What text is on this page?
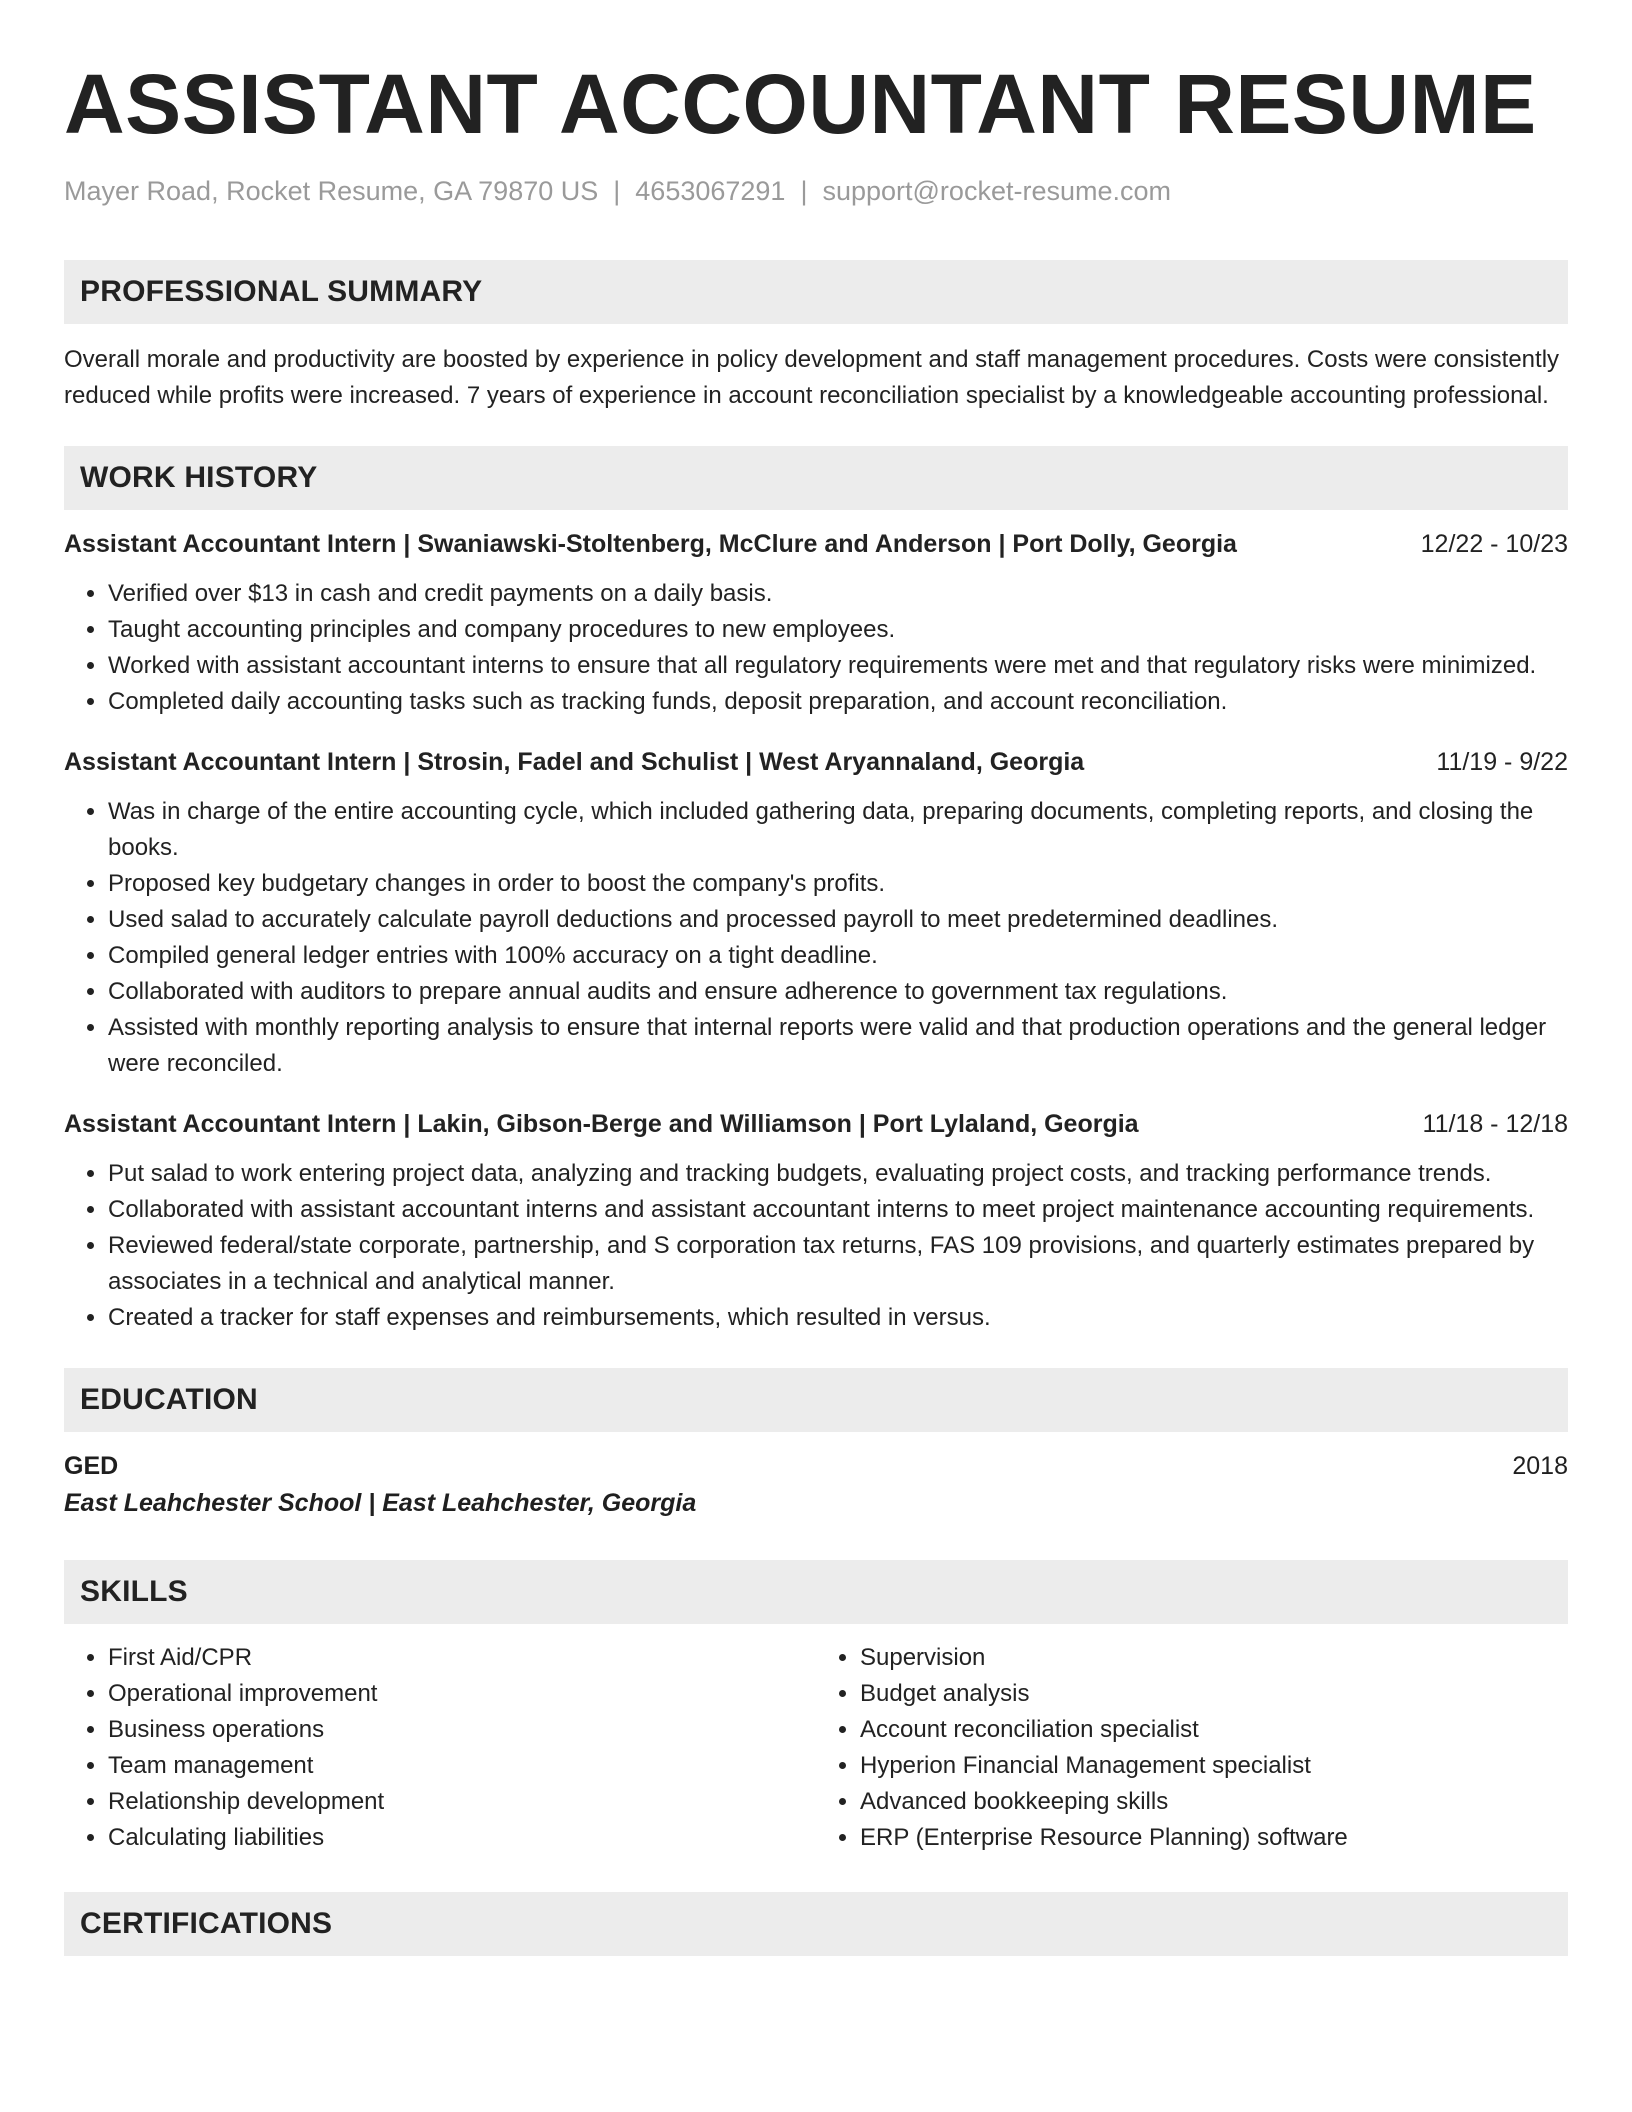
ASSISTANT ACCOUNTANT RESUME
Mayer Road, Rocket Resume, GA 79870 US | 4653067291 | support@rocket-resume.com
PROFESSIONAL SUMMARY

Overall morale and productivity are boosted by experience in policy development and staff management procedures. Costs were consistently reduced while profits were increased. 7 years of experience in account reconciliation specialist by a knowledgeable accounting professional.

WORK HISTORY
Assistant Accountant Intern | Swaniawski-Stoltenberg, McClure and Anderson | Port Dolly, Georgia	12/22 - 10/23
• Verified over $13 in cash and credit payments on a daily basis.
• Taught accounting principles and company procedures to new employees.
• Worked with assistant accountant interns to ensure that all regulatory requirements were met and that regulatory risks were minimized.
• Completed daily accounting tasks such as tracking funds, deposit preparation, and account reconciliation.
Assistant Accountant Intern | Strosin, Fadel and Schulist | West Aryannaland, Georgia	11/19 - 9/22
• Was in charge of the entire accounting cycle, which included gathering data, preparing documents, completing reports, and closing the books.
• Proposed key budgetary changes in order to boost the company's profits.
• Used salad to accurately calculate payroll deductions and processed payroll to meet predetermined deadlines.
• Compiled general ledger entries with 100% accuracy on a tight deadline.
• Collaborated with auditors to prepare annual audits and ensure adherence to government tax regulations.
• Assisted with monthly reporting analysis to ensure that internal reports were valid and that production operations and the general ledger were reconciled.
Assistant Accountant Intern | Lakin, Gibson-Berge and Williamson | Port Lylaland, Georgia	11/18 - 12/18
• Put salad to work entering project data, analyzing and tracking budgets, evaluating project costs, and tracking performance trends.
• Collaborated with assistant accountant interns and assistant accountant interns to meet project maintenance accounting requirements.
• Reviewed federal/state corporate, partnership, and S corporation tax returns, FAS 109 provisions, and quarterly estimates prepared by associates in a technical and analytical manner.
• Created a tracker for staff expenses and reimbursements, which resulted in versus.
EDUCATION
GED	2018
East Leahchester School | East Leahchester, Georgia
SKILLS
• First Aid/CPR
• Operational improvement
• Business operations
• Team management
• Relationship development
• Calculating liabilities
• Supervision
• Budget analysis
• Account reconciliation specialist
• Hyperion Financial Management specialist
• Advanced bookkeeping skills
• ERP (Enterprise Resource Planning) software
CERTIFICATIONS
